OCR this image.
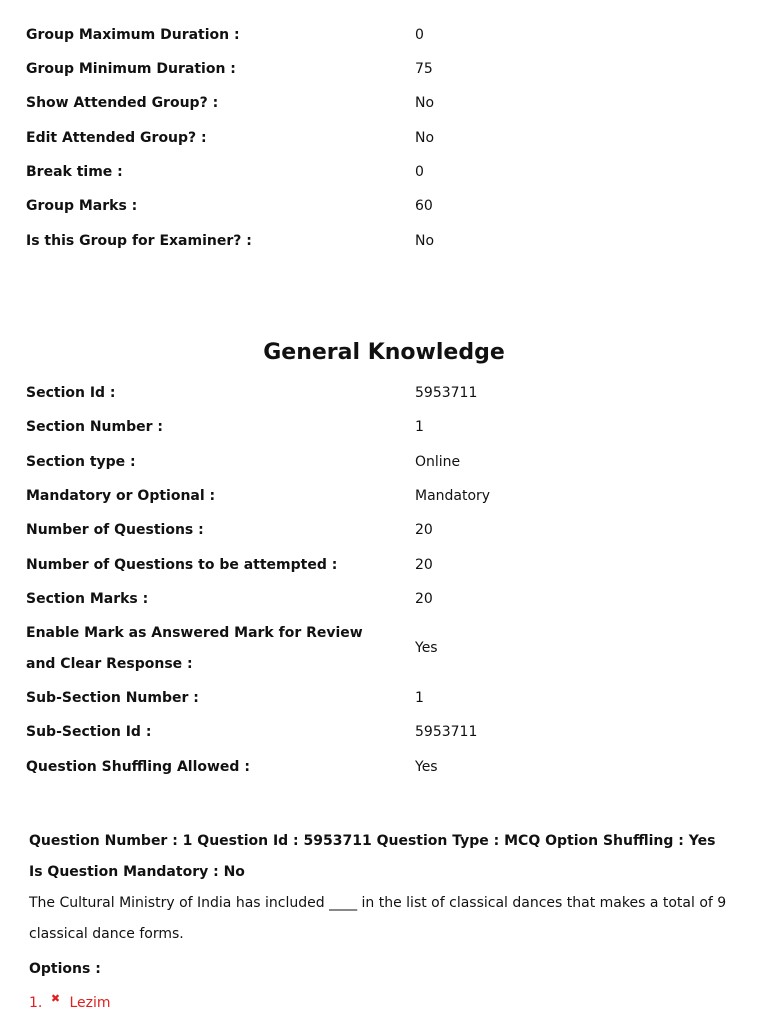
Group Maximum Duration :	0
Group Minimum Duration :	75
Show Attended Group? :	No
Edit Attended Group? :	No
Break time :	0
Group Marks :	60
Is this Group for Examiner? :	No
General Knowledge
Section Id :	5953711
Section Number :	1
Section type :	Online
Mandatory or Optional :	Mandatory
Number of Questions :	20
Number of Questions to be attempted :	20
Section Marks :	20
Enable Mark as Answered Mark for Review and Clear Response :
Yes
Sub-Section Number :	1
Sub-Section Id :	5953711
Question Shuffling Allowed :	Yes
Question Number : 1 Question Id : 5953711 Question Type : MCQ Option Shuffling : Yes Is Question Mandatory : No
The Cultural Ministry of India has included ____ in the list of classical dances that makes a total of 9 classical dance forms.
Options :
1. ✖ Lezim
